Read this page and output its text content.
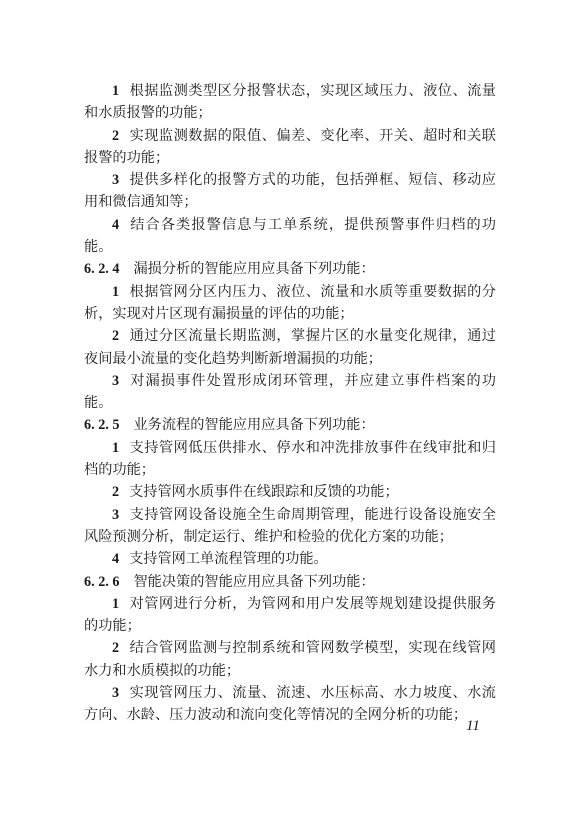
1 根据监测类型区分报警状态，实现区域压力、液位、流量和水质报警的功能；

2 实现监测数据的限值、偏差、变化率、开关、超时和关联报警的功能；

3 提供多样化的报警方式的功能，包括弹框、短信、移动应用和微信通知等；

4 结合各类报警信息与工单系统，提供预警事件归档的功能。

6. 2. 4 漏损分析的智能应用应具备下列功能：

1 根据管网分区内压力、液位、流量和水质等重要数据的分析，实现对片区现有漏损量的评估的功能；

2 通过分区流量长期监测，掌握片区的水量变化规律，通过夜间最小流量的变化趋势判断新增漏损的功能；

3 对漏损事件处置形成闭环管理，并应建立事件档案的功能。

6. 2. 5 业务流程的智能应用应具备下列功能：

1 支持管网低压供排水、停水和冲洗排放事件在线审批和归档的功能；

2 支持管网水质事件在线跟踪和反馈的功能；

3 支持管网设备设施全生命周期管理，能进行设备设施安全风险预测分析，制定运行、维护和检验的优化方案的功能；

4 支持管网工单流程管理的功能。

6. 2. 6 智能决策的智能应用应具备下列功能：

1 对管网进行分析，为管网和用户发展等规划建设提供服务的功能；

2 结合管网监测与控制系统和管网数学模型，实现在线管网水力和水质模拟的功能；

3 实现管网压力、流量、流速、水压标高、水力坡度、水流方向、水龄、压力波动和流向变化等情况的全网分析的功能；

11
